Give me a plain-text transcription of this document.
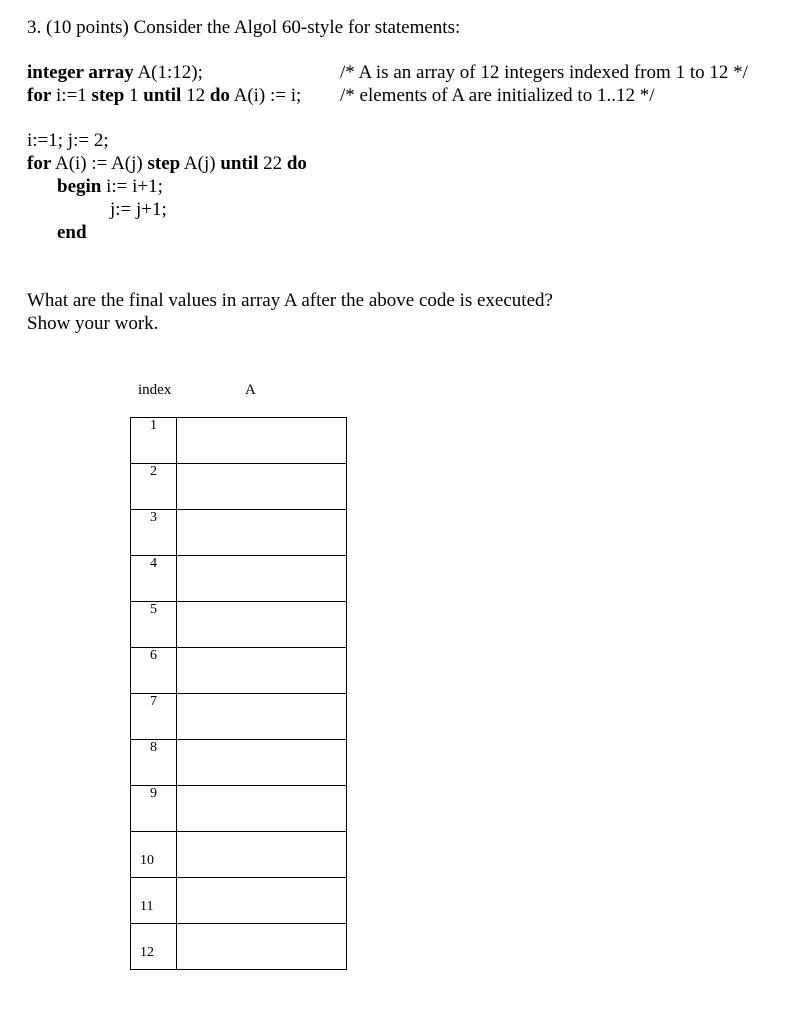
3. (10 points) Consider the Algol 60-style for statements:
integer array A(1:12);	/* A is an array of 12 integers indexed from 1 to 12 */
for i:=1 step 1 until 12 do A(i) := i; /* elements of A are initialized to 1..12 */
i:=1; j:= 2;
for A(i) := A(j) step A(j) until 22 do
begin i:= i+1;
j:= j+1;
end
What are the final values in array A after the above code is executed?
Show your work.
index	A
1	
2	
3	
4	
5	
6	
7	
8	
9	
10	
11	
12	
